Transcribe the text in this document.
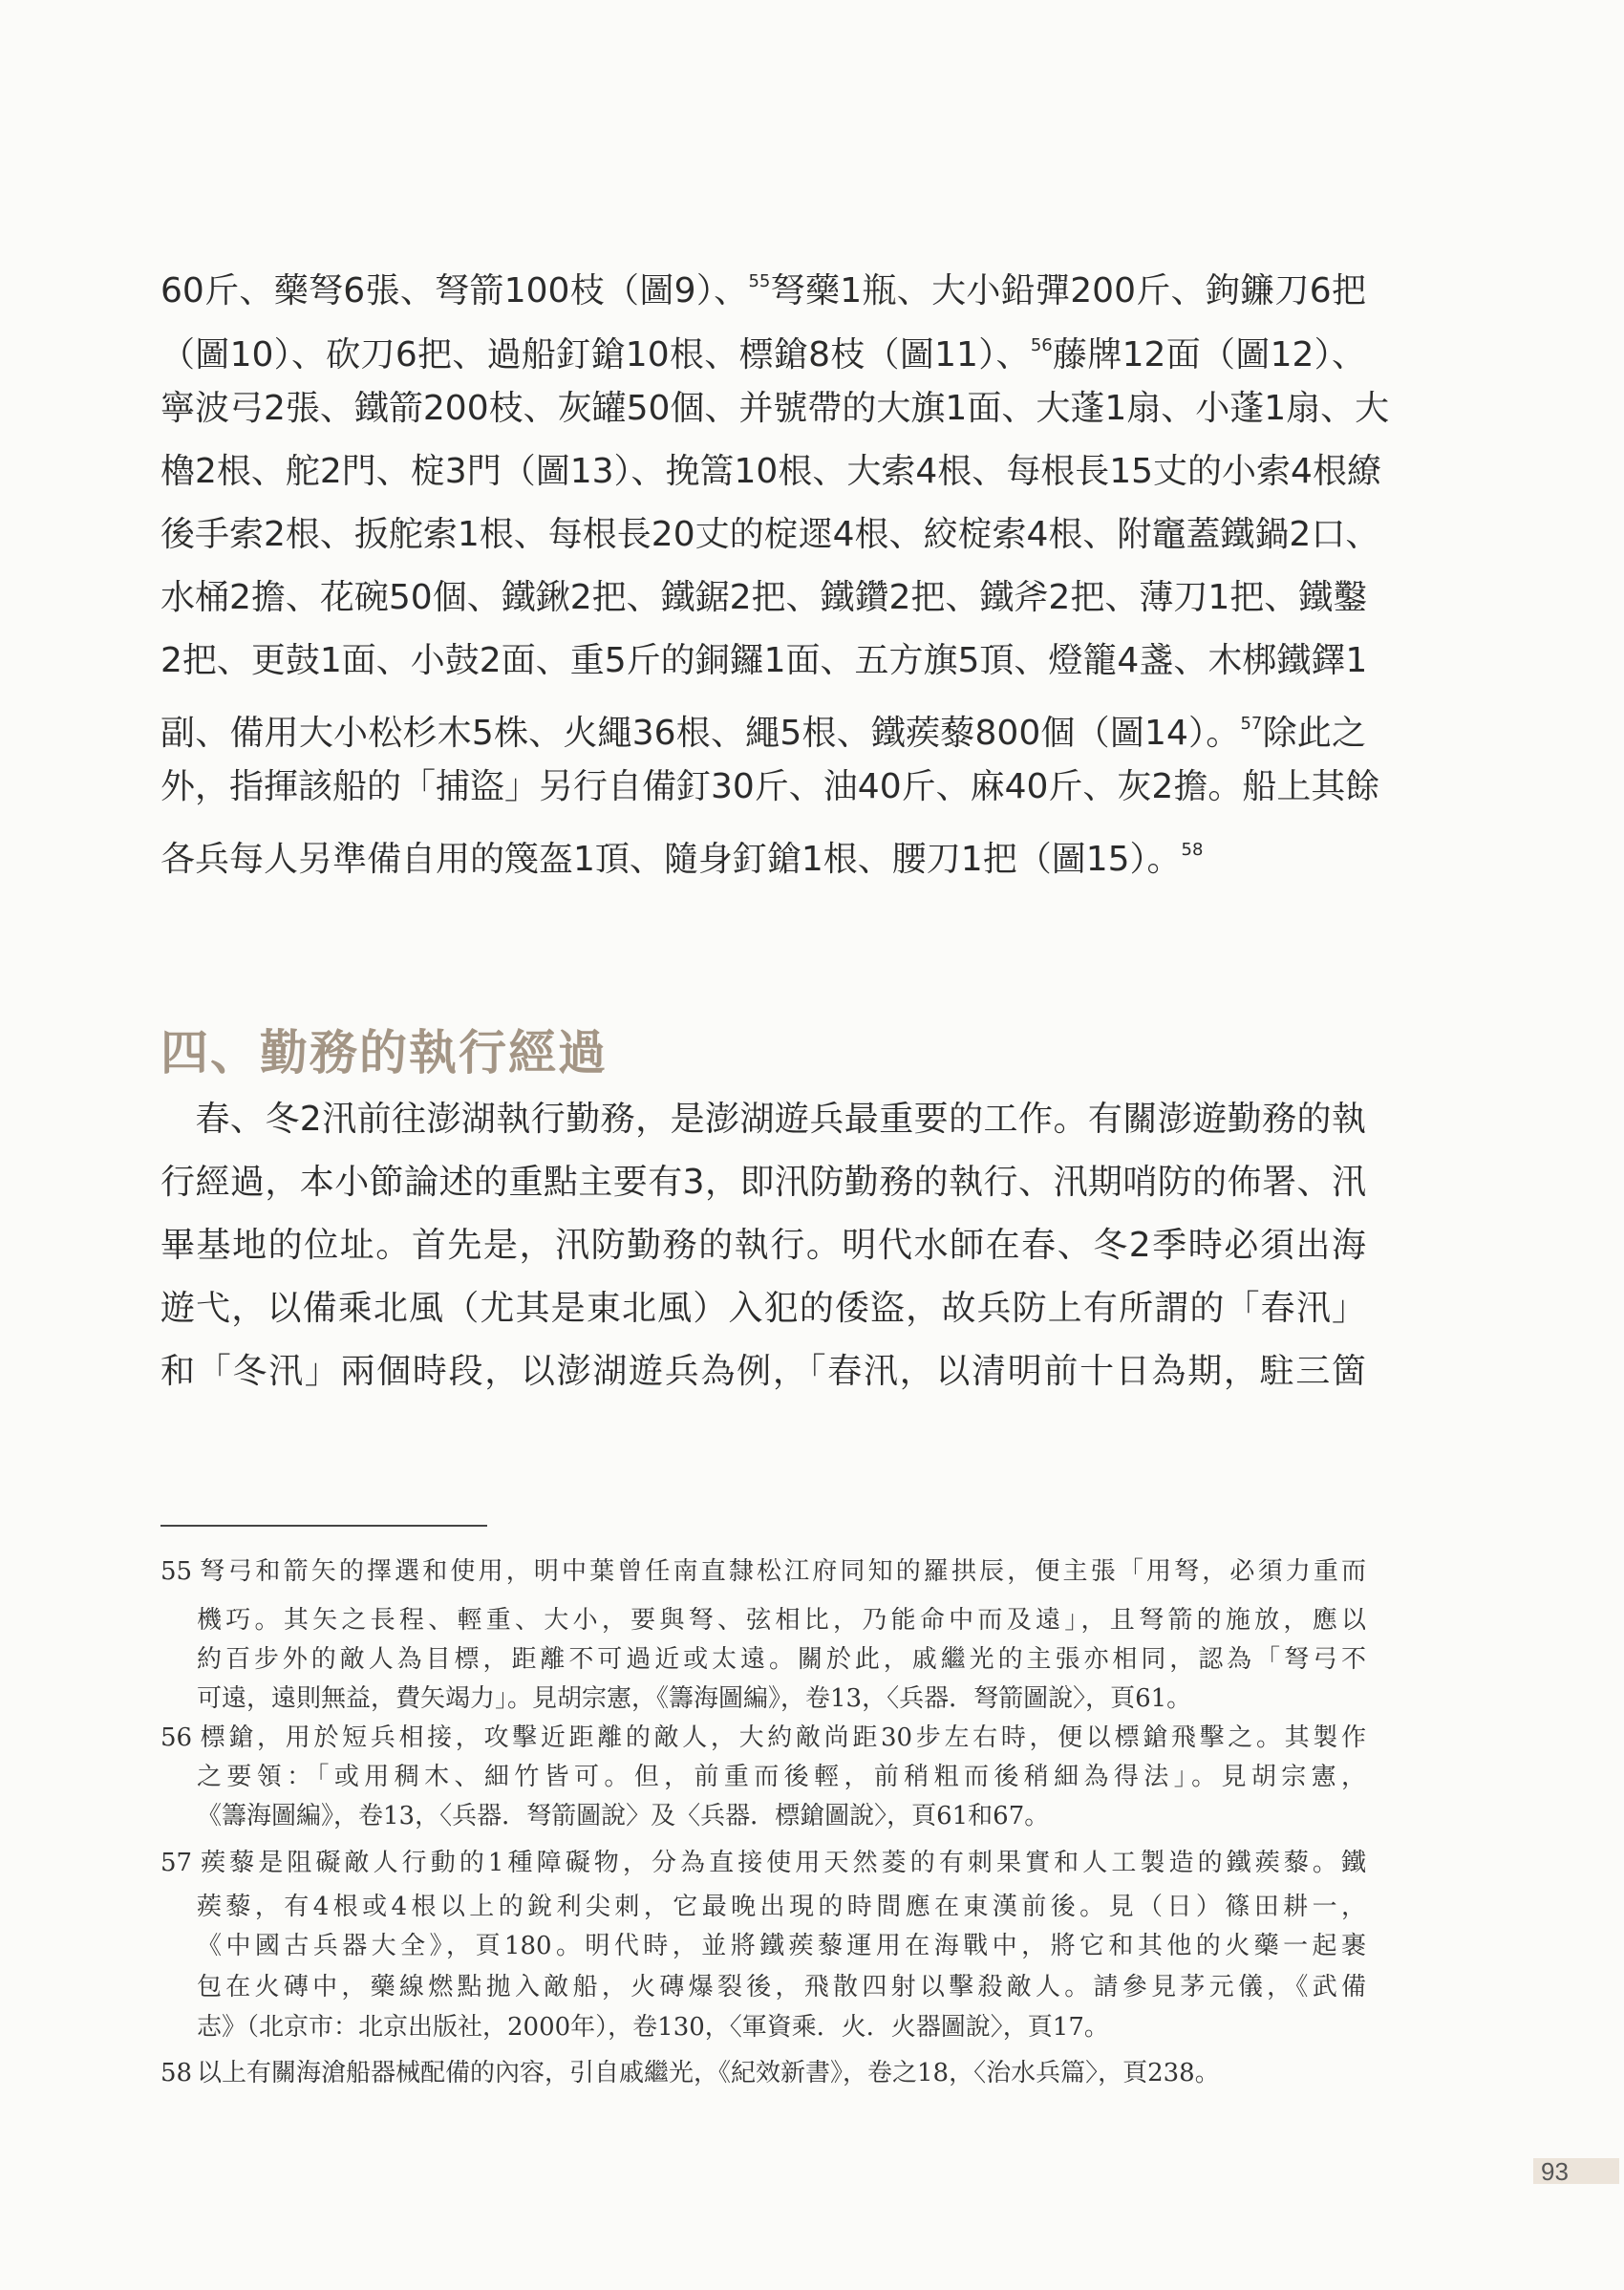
60斤、藥弩6張、弩箭100枝（圖9）、$^{55}$弩藥1瓶、大小鉛彈200斤、鉤鐮刀6把
（圖10）、砍刀6把、過船釘鎗10根、標鎗8枝（圖11）、$^{56}$藤牌12面（圖12）、
寧波弓2張、鐵箭200枝、灰罐50個、并號帶的大旗1面、大蓬1扇、小蓬1扇、大
櫓2根、舵2門、椗3門（圖13）、挽篙10根、大索4根、每根長15丈的小索4根繚
後手索2根、扳舵索1根、每根長20丈的椗遝4根、絞椗索4根、附竈蓋鐵鍋2口、
水桶2擔、花碗50個、鐵鍬2把、鐵鋸2把、鐵鑽2把、鐵斧2把、薄刀1把、鐵鑿
2把、更鼓1面、小鼓2面、重5斤的銅鑼1面、五方旗5頂、燈籠4盞、木梆鐵鐸1
副、備用大小松杉木5株、火繩36根、繩5根、鐵蒺藜800個（圖14）。$^{57}$除此之
外，指揮該船的「捕盜」另行自備釘30斤、油40斤、麻40斤、灰2擔。船上其餘
各兵每人另準備自用的篾盔1頂、隨身釘鎗1根、腰刀1把（圖15）。$^{58}$
四、勤務的執行經過
　春、冬2汛前往澎湖執行勤務，是澎湖遊兵最重要的工作。有關澎遊勤務的執
行經過，本小節論述的重點主要有3，即汛防勤務的執行、汛期哨防的佈署、汛
畢基地的位址。首先是，汛防勤務的執行。明代水師在春、冬2季時必須出海
遊弋，以備乘北風（尤其是東北風）入犯的倭盜，故兵防上有所謂的「春汛」
和「冬汛」兩個時段，以澎湖遊兵為例，「春汛，以清明前十日為期，駐三箇
55 弩弓和箭矢的擇選和使用，明中葉曾任南直隸松江府同知的羅拱辰，便主張「用弩，必須力重而
機巧。其矢之長程、輕重、大小，要與弩、弦相比，乃能命中而及遠」，且弩箭的施放，應以
約百步外的敵人為目標，距離不可過近或太遠。關於此，戚繼光的主張亦相同，認為「弩弓不
可遠，遠則無益，費矢竭力」。見胡宗憲，《籌海圖編》，卷13，〈兵器．弩箭圖說〉，頁61。
56 標鎗，用於短兵相接，攻擊近距離的敵人，大約敵尚距30步左右時，便以標鎗飛擊之。其製作
之要領：「或用稠木、細竹皆可。但，前重而後輕，前稍粗而後稍細為得法」。見胡宗憲，
《籌海圖編》，卷13，〈兵器．弩箭圖說〉及〈兵器．標鎗圖說〉，頁61和67。
57 蒺藜是阻礙敵人行動的1種障礙物，分為直接使用天然菱的有刺果實和人工製造的鐵蒺藜。鐵
蒺藜，有4根或4根以上的銳利尖刺，它最晚出現的時間應在東漢前後。見（日）篠田耕一，
《中國古兵器大全》，頁180。明代時，並將鐵蒺藜運用在海戰中，將它和其他的火藥一起裹
包在火磚中，藥線燃點拋入敵船，火磚爆裂後，飛散四射以擊殺敵人。請參見茅元儀，《武備
志》（北京市：北京出版社，2000年），卷130，〈軍資乘．火．火器圖說〉，頁17。
58 以上有關海滄船器械配備的內容，引自戚繼光，《紀效新書》，卷之18，〈治水兵篇〉，頁238。
93
